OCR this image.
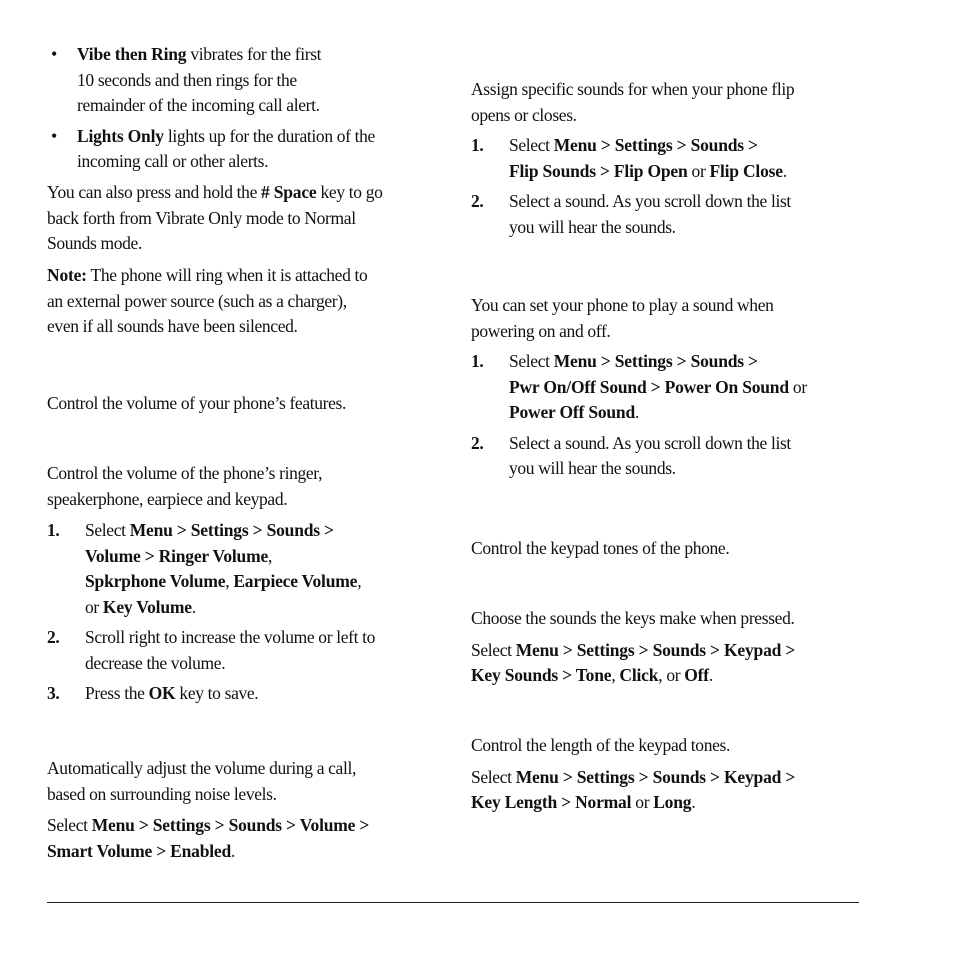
• Vibe then Ring vibrates for the first

10 seconds and then rings for the

remainder of the incoming call alert.

• Lights Only lights up for the duration of the

incoming call or other alerts.

You can also press and hold the # Space key to go

back forth from Vibrate Only mode to Normal

Sounds mode.

Note: The phone will ring when it is attached to

an external power source (such as a charger),

even if all sounds have been silenced.

Control the volume of your phone’s features.

Control the volume of the phone’s ringer,

speakerphone, earpiece and keypad.

1. Select Menu > Settings > Sounds >

Volume > Ringer Volume,

Spkrphone Volume, Earpiece Volume,

or Key Volume.

2. Scroll right to increase the volume or left to

decrease the volume.

3. Press the OK key to save.

Automatically adjust the volume during a call,

based on surrounding noise levels.

Select Menu > Settings > Sounds > Volume >

Smart Volume > Enabled.

Assign specific sounds for when your phone flip

opens or closes.

1. Select Menu > Settings > Sounds >

Flip Sounds > Flip Open or Flip Close.

2. Select a sound. As you scroll down the list

you will hear the sounds.

You can set your phone to play a sound when

powering on and off.

1. Select Menu > Settings > Sounds >

Pwr On/Off Sound > Power On Sound or

Power Off Sound.

2. Select a sound. As you scroll down the list

you will hear the sounds.

Control the keypad tones of the phone.

Choose the sounds the keys make when pressed.

Select Menu > Settings > Sounds > Keypad >

Key Sounds > Tone, Click, or Off.

Control the length of the keypad tones.

Select Menu > Settings > Sounds > Keypad >

Key Length > Normal or Long.
